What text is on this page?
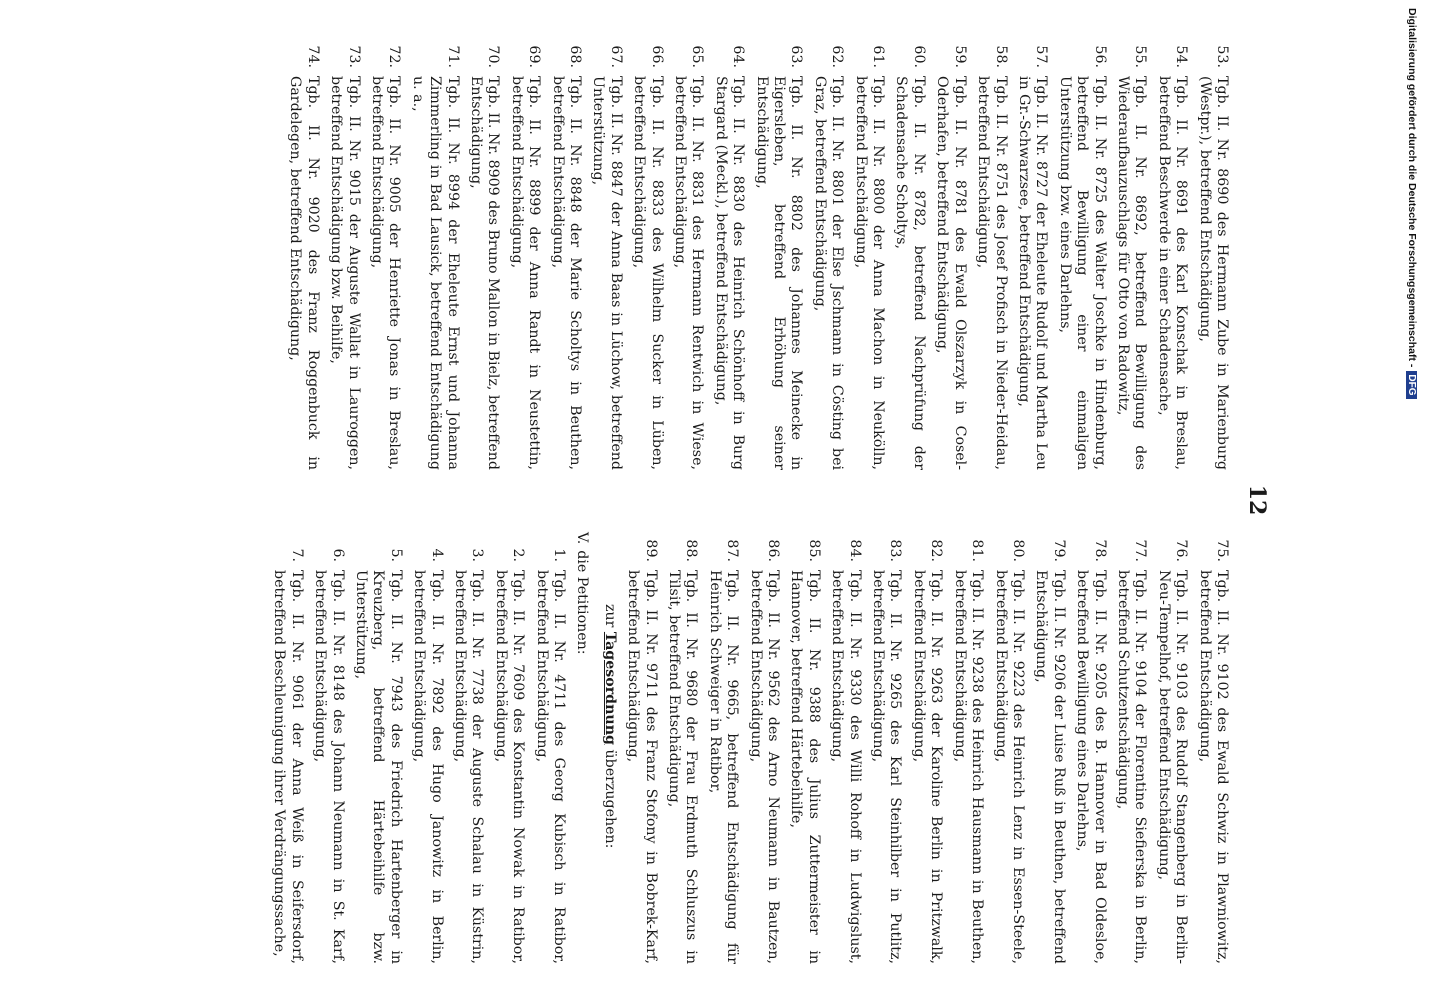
12
53.
Tgb. II. Nr. 8690 des Hermann Zube in Marienburg (Westpr.), betreffend Entschädigung,
54.
Tgb. II. Nr. 8691 des Karl Konschak in Breslau, betreffend Beschwerde in einer Schadensache,
55.
Tgb. II. Nr. 8692, betreffend Bewilligung des Wiederaufbauzuschlags für Otto von Radowitz,
56.
Tgb. II. Nr. 8725 des Walter Joschke in Hindenburg, betreffend Bewilligung einer einmaligen Unterstützung bzw. eines Darlehns,
57.
Tgb. II. Nr. 8727 der Eheleute Rudolf und Martha Leu in Gr.-Schwarzsee, betreffend Entschädigung,
58.
Tgb. II. Nr. 8751 des Josef Profisch in Nieder-Heidau, betreffend Entschädigung,
59.
Tgb. II. Nr. 8781 des Ewald Olszarzyk in Cosel-Oderhafen, betreffend Entschädigung,
60.
Tgb. II. Nr. 8782, betreffend Nachprüfung der Schadensache Scholtys,
61.
Tgb. II. Nr. 8800 der Anna Machon in Neukölln, betreffend Entschädigung,
62.
Tgb. II. Nr. 8801 der Else Jschmann in Cösting bei Graz, betreffend Entschädigung,
63.
Tgb. II. Nr. 8802 des Johannes Meinecke in Eigersleben, betreffend Erhöhung seiner Entschädigung,
64.
Tgb. II. Nr. 8830 des Heinrich Schönhoff in Burg Stargard (Meckl.), betreffend Entschädigung,
65.
Tgb. II. Nr. 8831 des Hermann Rentwich in Wiese, betreffend Entschädigung,
66.
Tgb. II. Nr. 8833 des Wilhelm Sucker in Lüben, betreffend Entschädigung,
67.
Tgb. II. Nr. 8847 der Anna Baas in Lüchow, betreffend Unterstützung,
68.
Tgb. II. Nr. 8848 der Marie Scholtys in Beuthen, betreffend Entschädigung,
69.
Tgb. II. Nr. 8899 der Anna Randt in Neustettin, betreffend Entschädigung,
70.
Tgb. II. Nr. 8909 des Bruno Mallon in Bielz, betreffend Entschädigung,
71.
Tgb. II. Nr. 8994 der Eheleute Ernst und Johanna Zimmerling in Bad Lausick, betreffend Entschädigung u. a.,
72.
Tgb. II. Nr. 9005 der Henriette Jonas in Breslau, betreffend Entschädigung,
73.
Tgb. II. Nr. 9015 der Auguste Wallat in Lauroggen, betreffend Entschädigung bzw. Beihilfe,
74.
Tgb. II. Nr. 9020 des Franz Roggenbuck in Gardelegen, betreffend Entschädigung,
75.
Tgb. II. Nr. 9102 des Ewald Schwiz in Plawniowitz, betreffend Entschädigung,
76.
Tgb. II. Nr. 9103 des Rudolf Stangenberg in Berlin-Neu-Tempelhof, betreffend Entschädigung,
77.
Tgb. II. Nr. 9104 der Florentine Siefierska in Berlin, betreffend Schutzentschädigung,
78.
Tgb. II. Nr. 9205 des B. Hannover in Bad Oldesloe, betreffend Bewilligung eines Darlehns,
79.
Tgb. II. Nr. 9206 der Luise Ruß in Beuthen, betreffend Entschädigung,
80.
Tgb. II. Nr. 9223 des Heinrich Lenz in Essen-Steele, betreffend Entschädigung,
81.
Tgb. II. Nr. 9238 des Heinrich Hausmann in Beuthen, betreffend Entschädigung,
82.
Tgb. II. Nr. 9263 der Karoline Berlin in Pritzwalk, betreffend Entschädigung,
83.
Tgb. II. Nr. 9265 des Karl Steinhilber in Putlitz, betreffend Entschädigung,
84.
Tgb. II. Nr. 9330 des Willi Rohoff in Ludwigslust, betreffend Entschädigung,
85.
Tgb. II. Nr. 9388 des Julius Zuttermeister in Hannover, betreffend Härtebeihilfe,
86.
Tgb. II. Nr. 9562 des Arno Neumann in Bautzen, betreffend Entschädigung,
87.
Tgb. II. Nr. 9665, betreffend Entschädigung für Heinrich Schweiger in Ratibor,
88.
Tgb. II. Nr. 9680 der Frau Erdmuth Schluszus in Tilsit, betreffend Entschädigung,
89.
Tgb. II. Nr. 9711 des Franz Stofony in Bobrek-Karf, betreffend Entschädigung,
zur Tagesordnung überzugehen:
V.die Petitionen:
1.
Tgb. II. Nr. 4711 des Georg Kubisch in Ratibor, betreffend Entschädigung,
2.
Tgb. II. Nr. 7609 des Konstantin Nowak in Ratibor, betreffend Entschädigung,
3.
Tgb. II. Nr. 7738 der Auguste Schalau in Küstrin, betreffend Entschädigung,
4.
Tgb. II. Nr. 7892 des Hugo Janowitz in Berlin, betreffend Entschädigung,
5.
Tgb. II. Nr. 7943 des Friedrich Hartenberger in Kreuzberg, betreffend Härtebeihilfe bzw. Unterstützung,
6.
Tgb. II. Nr. 8148 des Johann Neumann in St. Karf, betreffend Entschädigung,
7.
Tgb. II. Nr. 9061 der Anna Weiß in Seifersdorf, betreffend Beschleunigung ihrer Verdrängungssache,
Digitalisierung gefördert durch die Deutsche Forschungsgemeinschaft -DFG
